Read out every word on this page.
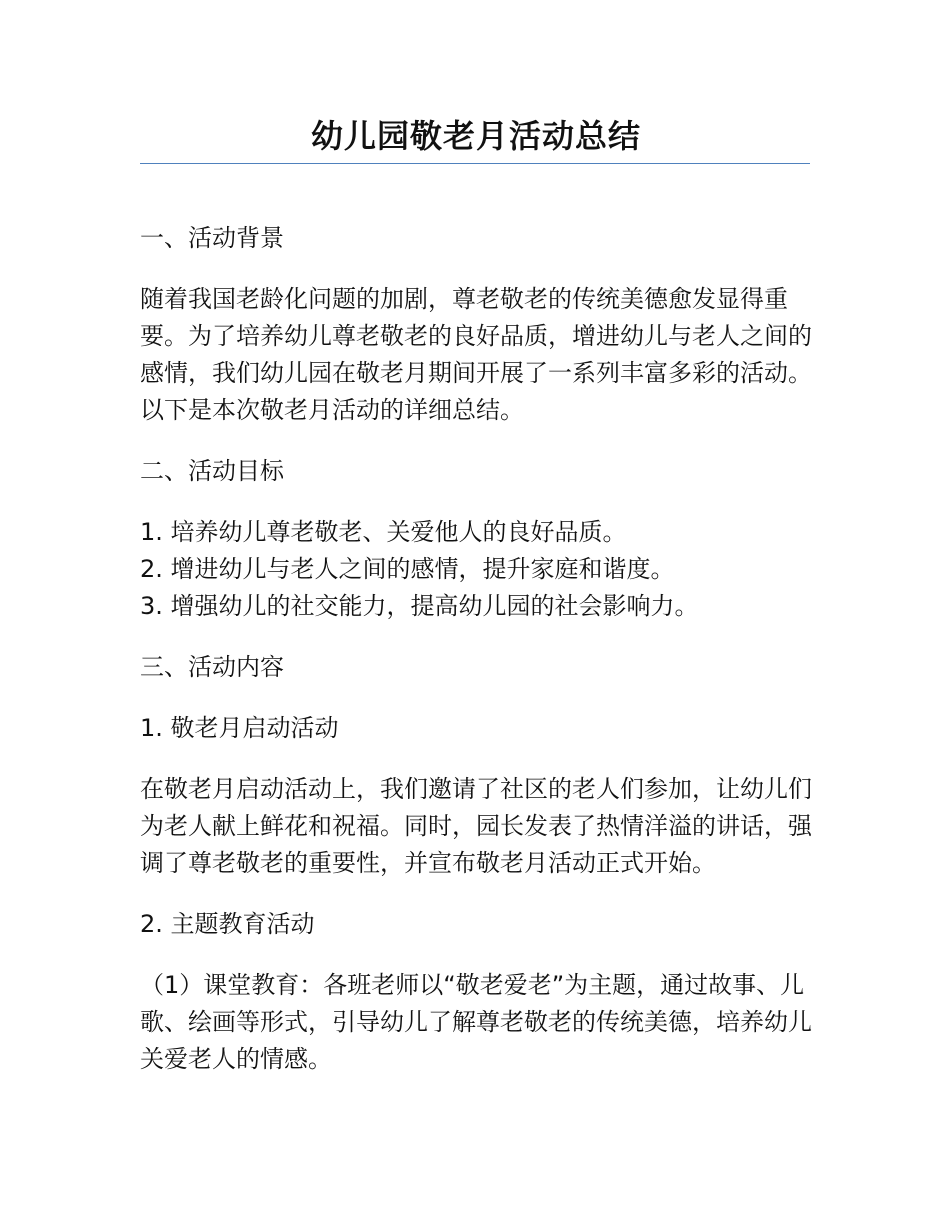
幼儿园敬老月活动总结

一、活动背景

随着我国老龄化问题的加剧，尊老敬老的传统美德愈发显得重要。为了培养幼儿尊老敬老的良好品质，增进幼儿与老人之间的感情，我们幼儿园在敬老月期间开展了一系列丰富多彩的活动。以下是本次敬老月活动的详细总结。

二、活动目标

1. 培养幼儿尊老敬老、关爱他人的良好品质。

2. 增进幼儿与老人之间的感情，提升家庭和谐度。

3. 增强幼儿的社交能力，提高幼儿园的社会影响力。

三、活动内容

1. 敬老月启动活动

在敬老月启动活动上，我们邀请了社区的老人们参加，让幼儿们为老人献上鲜花和祝福。同时，园长发表了热情洋溢的讲话，强调了尊老敬老的重要性，并宣布敬老月活动正式开始。

2. 主题教育活动

（1）课堂教育：各班老师以“敬老爱老”为主题，通过故事、儿歌、绘画等形式，引导幼儿了解尊老敬老的传统美德，培养幼儿关爱老人的情感。
